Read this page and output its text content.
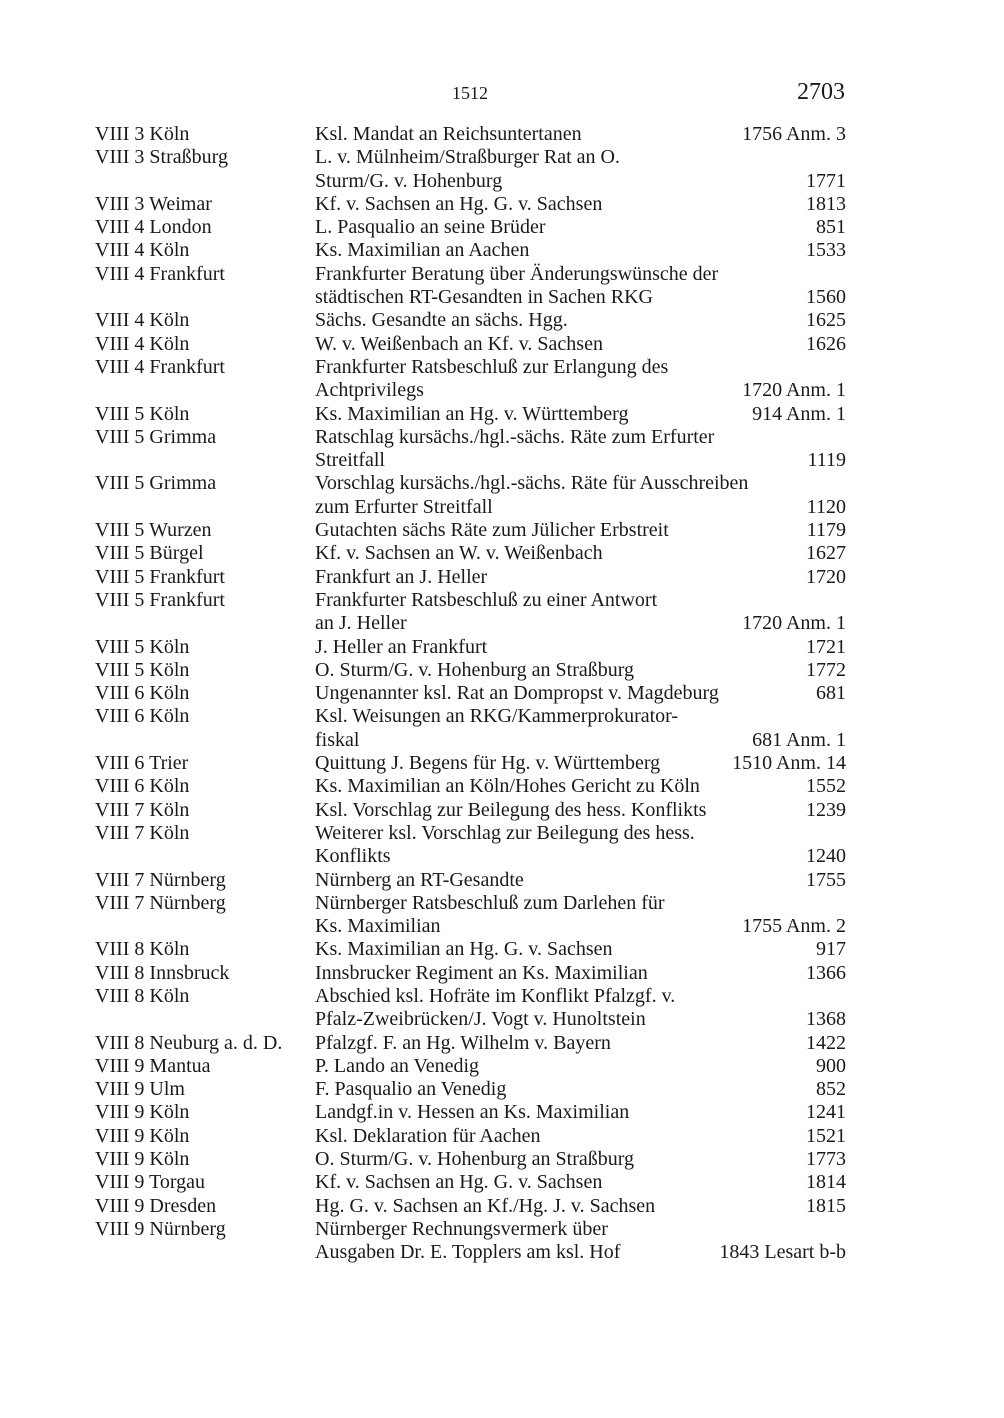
1512	2703
VIII 3 Köln	Ksl. Mandat an Reichsuntertanen	1756 Anm. 3
VIII 3 Straßburg	L. v. Mülnheim/Straßburger Rat an O.
Sturm/G. v. Hohenburg	1771
VIII 3 Weimar	Kf. v. Sachsen an Hg. G. v. Sachsen	1813
VIII 4 London	L. Pasqualio an seine Brüder	851
VIII 4 Köln	Ks. Maximilian an Aachen	1533
VIII 4 Frankfurt	Frankfurter Beratung über Änderungswünsche der
städtischen RT-Gesandten in Sachen RKG	1560
VIII 4 Köln	Sächs. Gesandte an sächs. Hgg.	1625
VIII 4 Köln	W. v. Weißenbach an Kf. v. Sachsen	1626
VIII 4 Frankfurt	Frankfurter Ratsbeschluß zur Erlangung des
Achtprivilegs	1720 Anm. 1
VIII 5 Köln	Ks. Maximilian an Hg. v. Württemberg	914 Anm. 1
VIII 5 Grimma	Ratschlag kursächs./hgl.-sächs. Räte zum Erfurter
Streitfall	1119
VIII 5 Grimma	Vorschlag kursächs./hgl.-sächs. Räte für Ausschreiben
zum Erfurter Streitfall	1120
VIII 5 Wurzen	Gutachten sächs Räte zum Jülicher Erbstreit	1179
VIII 5 Bürgel	Kf. v. Sachsen an W. v. Weißenbach	1627
VIII 5 Frankfurt	Frankfurt an J. Heller	1720
VIII 5 Frankfurt	Frankfurter Ratsbeschluß zu einer Antwort
an J. Heller	1720 Anm. 1
VIII 5 Köln	J. Heller an Frankfurt	1721
VIII 5 Köln	O. Sturm/G. v. Hohenburg an Straßburg	1772
VIII 6 Köln	Ungenannter ksl. Rat an Dompropst v. Magdeburg	681
VIII 6 Köln	Ksl. Weisungen an RKG/Kammerprokurator-
fiskal	681 Anm. 1
VIII 6 Trier	Quittung J. Begens für Hg. v. Württemberg	1510 Anm. 14
VIII 6 Köln	Ks. Maximilian an Köln/Hohes Gericht zu Köln	1552
VIII 7 Köln	Ksl. Vorschlag zur Beilegung des hess. Konflikts	1239
VIII 7 Köln	Weiterer ksl. Vorschlag zur Beilegung des hess.
Konflikts	1240
VIII 7 Nürnberg	Nürnberg an RT-Gesandte	1755
VIII 7 Nürnberg	Nürnberger Ratsbeschluß zum Darlehen für
Ks. Maximilian	1755 Anm. 2
VIII 8 Köln	Ks. Maximilian an Hg. G. v. Sachsen	917
VIII 8 Innsbruck	Innsbrucker Regiment an Ks. Maximilian	1366
VIII 8 Köln	Abschied ksl. Hofräte im Konflikt Pfalzgf. v.
Pfalz-Zweibrücken/J. Vogt v. Hunoltstein	1368
VIII 8 Neuburg a. d. D.	Pfalzgf. F. an Hg. Wilhelm v. Bayern	1422
VIII 9 Mantua	P. Lando an Venedig	900
VIII 9 Ulm	F. Pasqualio an Venedig	852
VIII 9 Köln	Landgf.in v. Hessen an Ks. Maximilian	1241
VIII 9 Köln	Ksl. Deklaration für Aachen	1521
VIII 9 Köln	O. Sturm/G. v. Hohenburg an Straßburg	1773
VIII 9 Torgau	Kf. v. Sachsen an Hg. G. v. Sachsen	1814
VIII 9 Dresden	Hg. G. v. Sachsen an Kf./Hg. J. v. Sachsen	1815
VIII 9 Nürnberg	Nürnberger Rechnungsvermerk über
Ausgaben Dr. E. Topplers am ksl. Hof	1843 Lesart b-b
